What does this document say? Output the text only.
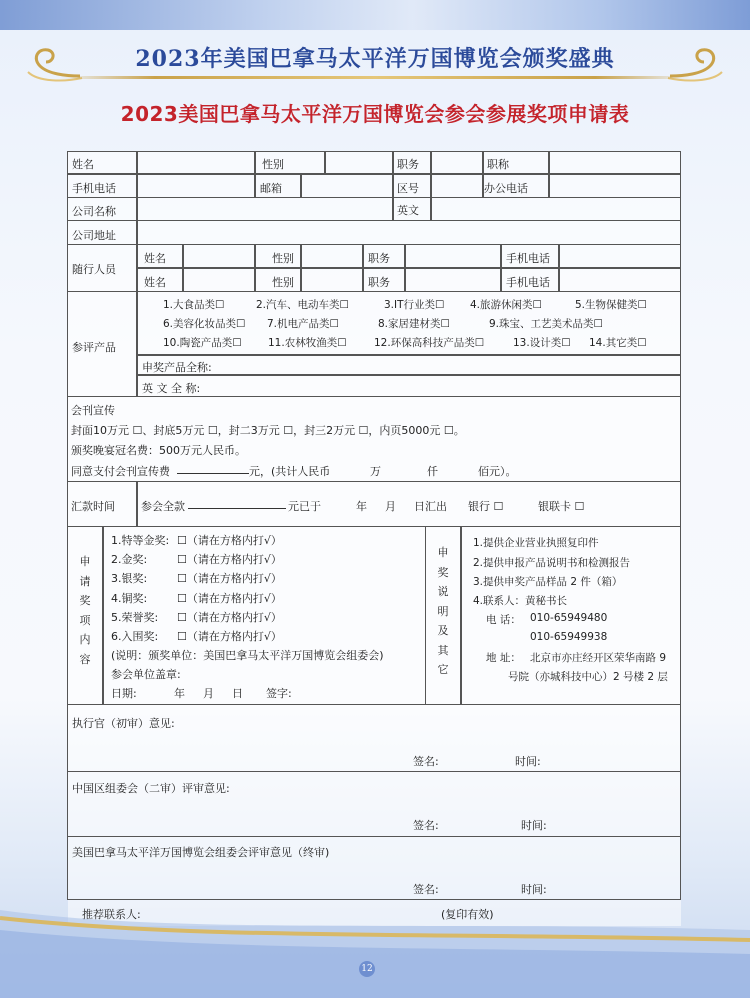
2023年美国巴拿马太平洋万国博览会颁奖盛典
2023美国巴拿马太平洋万国博览会参会参展奖项申请表
姓名	性别	职务	职称
手机电话	邮箱	区号	办公电话
公司名称	英文
公司地址
随行人员
姓名	性别	职务	手机电话
姓名	性别	职务	手机电话
参评产品
1.大食品类☐	2.汽车、电动车类☐	3.IT行业类☐ 4.旅游休闲类☐	5.生物保健类☐
6.美容化妆品类☐ 7.机电产品类☐	8.家居建材类☐	9.珠宝、工艺美术品类☐
10.陶瓷产品类☐	11.农林牧渔类☐	12.环保高科技产品类☐	13.设计类☐ 14.其它类☐
申奖产品全称:
英 文 全 称:
会刊宣传
封面10万元 ☐、封底5万元 ☐，封二3万元 ☐，封三2万元 ☐，内页5000元 ☐。
颁奖晚宴冠名费：500万元人民币。
同意支付会刊宣传费	元，(共计人民币	万	仟	佰元）。
汇款时间 参会全款	元已于	年 月 日汇出 银行 ☐	银联卡 ☐
申请奖项内容
1.特等金奖: ☐（请在方格内打√）
2.金奖:	☐（请在方格内打√）
3.银奖:	☐（请在方格内打√）
4.铜奖:	☐（请在方格内打√）
5.荣誉奖: ☐（请在方格内打√）
6.入围奖: ☐（请在方格内打√）
(说明：颁奖单位：美国巴拿马太平洋万国博览会组委会)
参会单位盖章:
日期:	年 月 日 签字:
申奖说明及其它
1.提供企业营业执照复印件
2.提供申报产品说明书和检测报告
3.提供申奖产品样品 2 件（箱）
4.联系人：黄秘书长
电 话： 010-65949480
010-65949938
地 址： 北京市亦庄经开区荣华南路 9
号院（亦城科技中心）2 号楼 2 层
执行官（初审）意见:
签名:	时间:
中国区组委会（二审）评审意见:
签名:	时间:
美国巴拿马太平洋万国博览会组委会评审意见（终审)
签名:	时间:
推荐联系人:	(复印有效)
12
